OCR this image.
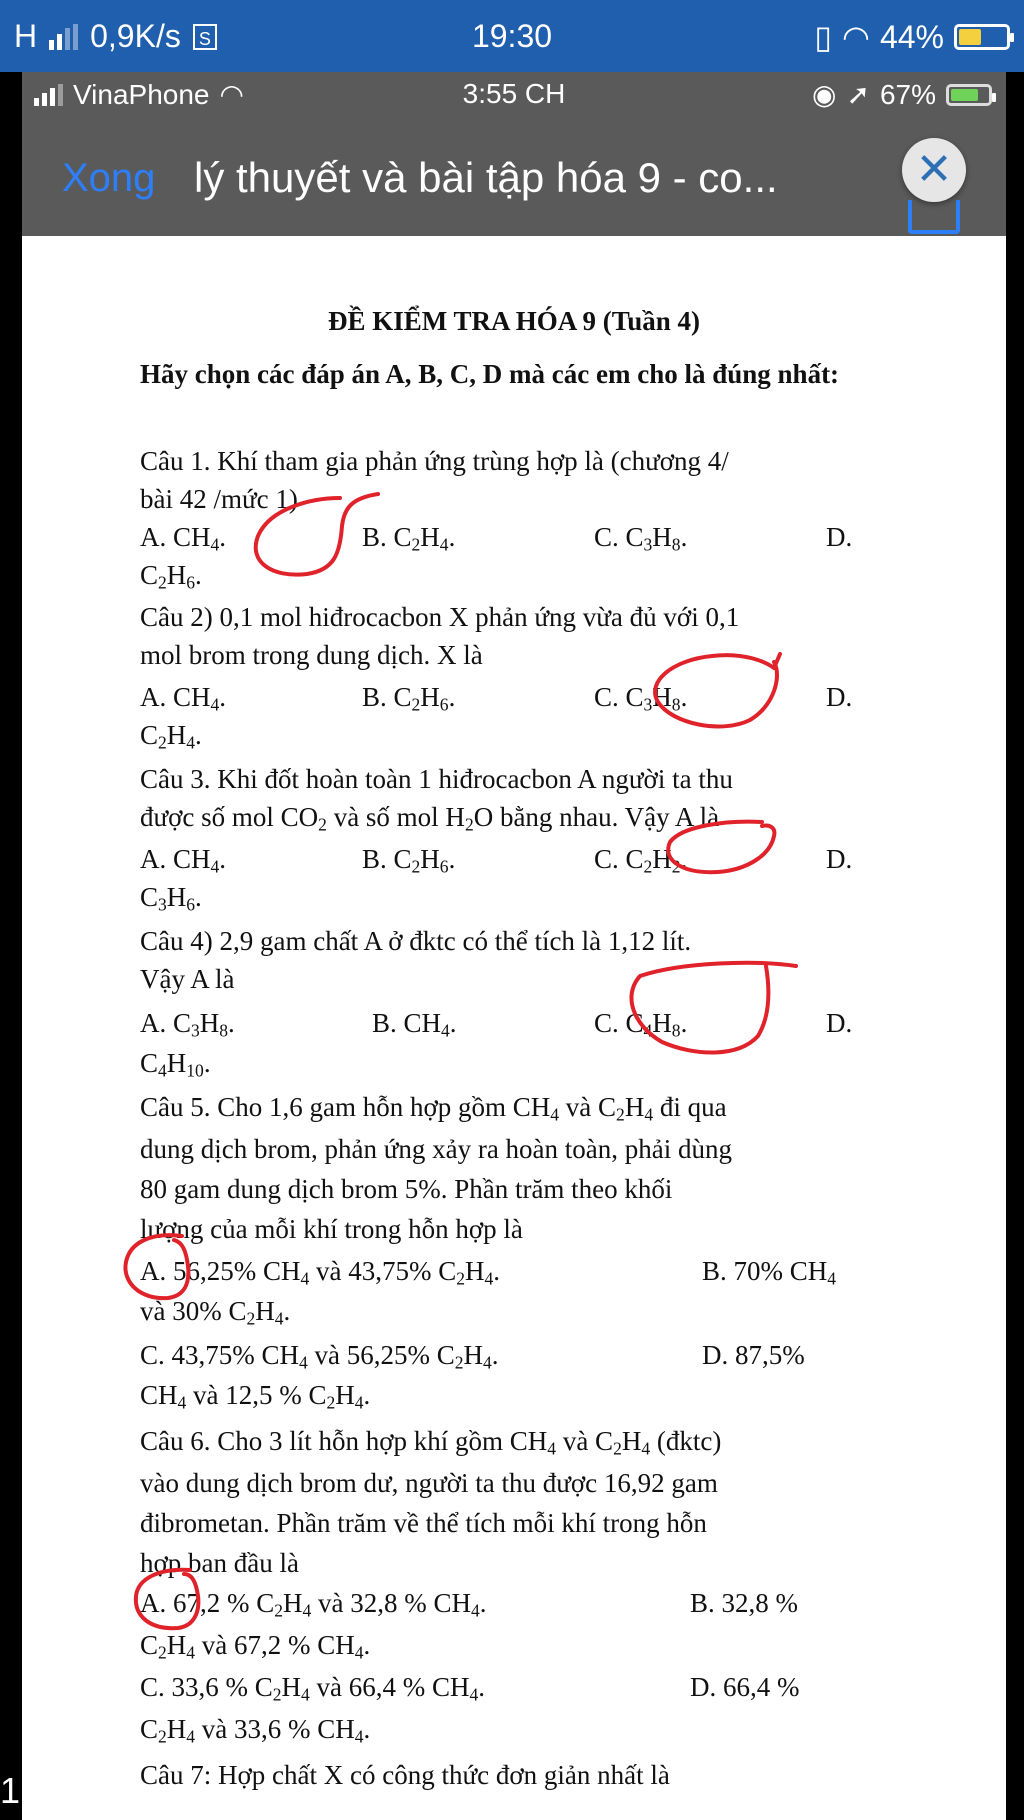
H 0,9K/s S	19:30	▯ ◠ 44%
VinaPhone ◠	3:55 CH	◉ ➚ 67%
Xong lý thuyết và bài tập hóa 9 - co...	✕
ĐỀ KIỂM TRA HÓA 9 (Tuần 4)
Hãy chọn các đáp án A, B, C, D mà các em cho là đúng nhất:
Câu 1. Khí tham gia phản ứng trùng hợp là (chương 4/
bài 42 /mức 1)
A. $CH_4$.	B. $C_2H_4$.	C. $C_3H_8$.	D.
$C_2H_6$.
Câu 2) 0,1 mol hiđrocacbon X phản ứng vừa đủ với 0,1
mol brom trong dung dịch. X là
A. $CH_4$.	B. $C_2H_6$.	C. $C_3H_8$.	D.
$C_2H_4$.
Câu 3. Khi đốt hoàn toàn 1 hiđrocacbon A người ta thu
được số mol $CO_2$ và số mol $H_2O$ bằng nhau. Vậy A là
A. $CH_4$.	B. $C_2H_6$.	C. $C_2H_2$.	D.
$C_3H_6$.
Câu 4) 2,9 gam chất A ở đktc có thể tích là 1,12 lít.
Vậy A là
A. $C_3H_8$.	B. $CH_4$.	C. $C_4H_8$.	D.
$C_4H_{10}$.
Câu 5. Cho 1,6 gam hỗn hợp gồm $CH_4$ và $C_2H_4$ đi qua
dung dịch brom, phản ứng xảy ra hoàn toàn, phải dùng
80 gam dung dịch brom 5%. Phần trăm theo khối
lượng của mỗi khí trong hỗn hợp là
A. 56,25% $CH_4$ và 43,75% $C_2H_4$.	B. 70% $CH_4$
và 30% $C_2H_4$.
C. 43,75% $CH_4$ và 56,25% $C_2H_4$.	D. 87,5%
$CH_4$ và 12,5 % $C_2H_4$.
Câu 6. Cho 3 lít hỗn hợp khí gồm $CH_4$ và $C_2H_4$ (đktc)
vào dung dịch brom dư, người ta thu được 16,92 gam
đibrometan. Phần trăm về thể tích mỗi khí trong hỗn
hợp ban đầu là
A. 67,2 % $C_2H_4$ và 32,8 % $CH_4$.	B. 32,8 %
$C_2H_4$ và 67,2 % $CH_4$.
C. 33,6 % $C_2H_4$ và 66,4 % $CH_4$.	D. 66,4 %
$C_2H_4$ và 33,6 % $CH_4$.
Câu 7: Hợp chất X có công thức đơn giản nhất là
1
